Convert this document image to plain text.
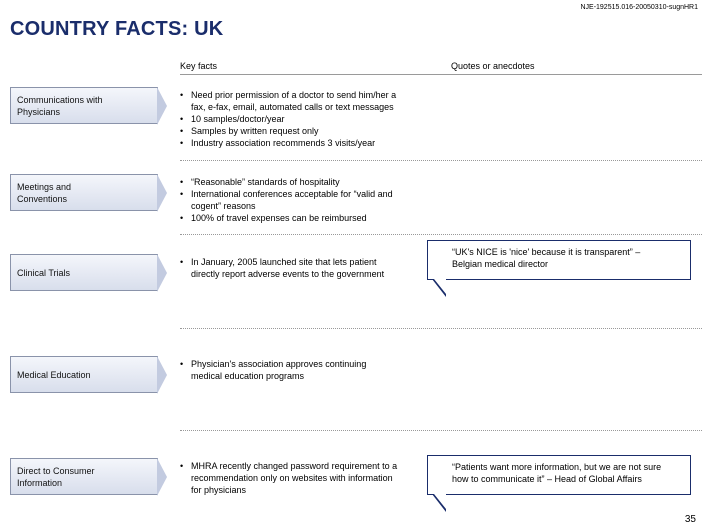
NJE-192515.016-20050310-sugnHR1
COUNTRY FACTS: UK
Key facts	Quotes or anecdotes
Communications with
Physicians
• Need prior permission of a doctor to send him/her a
fax, e-fax, email, automated calls or text messages
• 10 samples/doctor/year
• Samples by written request only
• Industry association recommends 3 visits/year
Meetings and
Conventions
• “Reasonable” standards of hospitality
• International conferences acceptable for “valid and
cogent” reasons
• 100% of travel expenses can be reimbursed
Clinical Trials
• In January, 2005 launched site that lets patient
directly report adverse events to the government
“UK's NICE is 'nice' because it is transparent” –
Belgian medical director
Medical Education
• Physician's association approves continuing
medical education programs
Direct to Consumer
Information
• MHRA recently changed password requirement to a
recommendation only on websites with information
for physicians
“Patients want more information, but we are not sure
how to communicate it” – Head of Global Affairs
35
